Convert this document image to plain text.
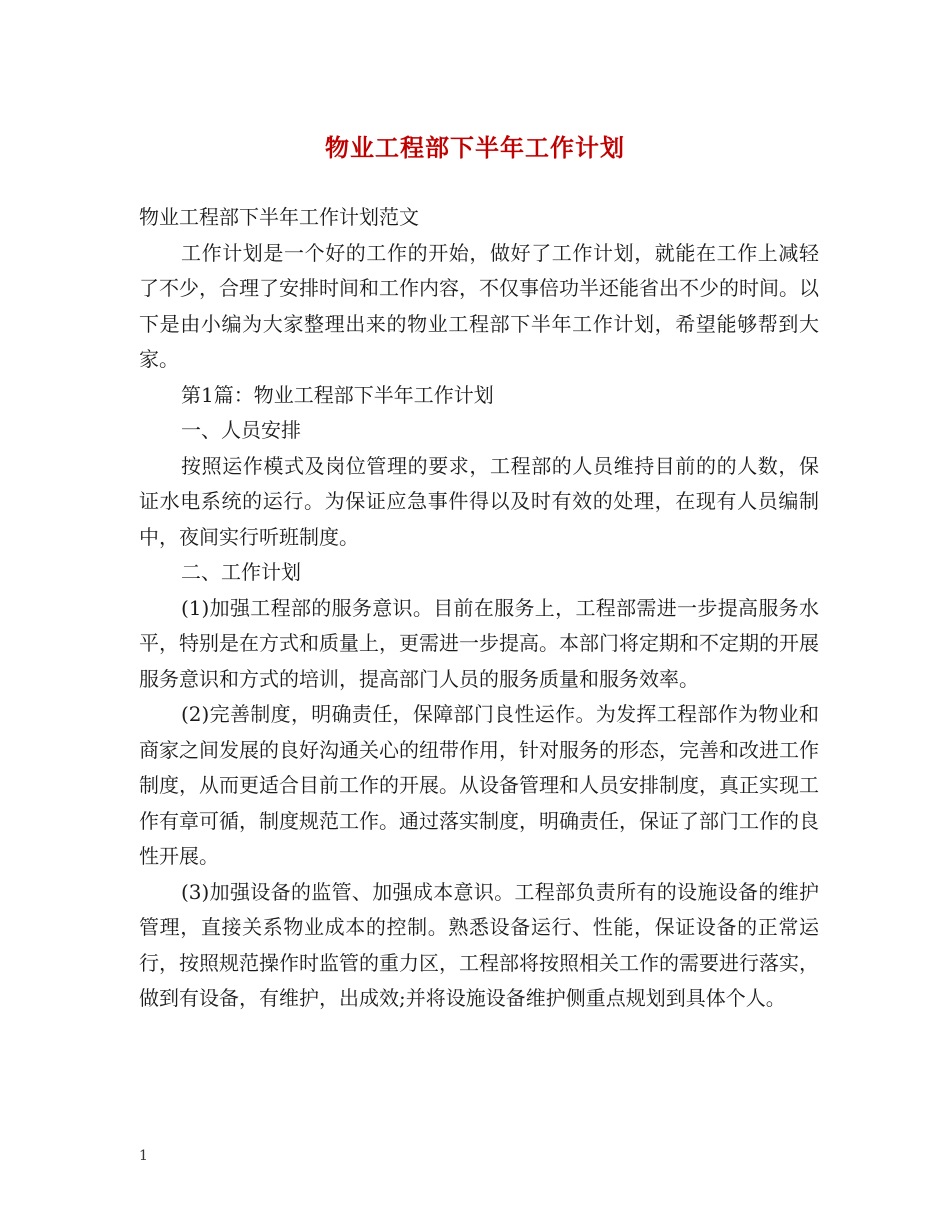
物业工程部下半年工作计划

物业工程部下半年工作计划范文

工作计划是一个好的工作的开始，做好了工作计划，就能在工作上减轻了不少，合理了安排时间和工作内容，不仅事倍功半还能省出不少的时间。以下是由小编为大家整理出来的物业工程部下半年工作计划，希望能够帮到大家。

第1篇：物业工程部下半年工作计划

一、人员安排

按照运作模式及岗位管理的要求，工程部的人员维持目前的的人数，保证水电系统的运行。为保证应急事件得以及时有效的处理，在现有人员编制中，夜间实行听班制度。

二、工作计划

(1)加强工程部的服务意识。目前在服务上，工程部需进一步提高服务水平，特别是在方式和质量上，更需进一步提高。本部门将定期和不定期的开展服务意识和方式的培训，提高部门人员的服务质量和服务效率。

(2)完善制度，明确责任，保障部门良性运作。为发挥工程部作为物业和商家之间发展的良好沟通关心的纽带作用，针对服务的形态，完善和改进工作制度，从而更适合目前工作的开展。从设备管理和人员安排制度，真正实现工作有章可循，制度规范工作。通过落实制度，明确责任，保证了部门工作的良性开展。

(3)加强设备的监管、加强成本意识。工程部负责所有的设施设备的维护管理，直接关系物业成本的控制。熟悉设备运行、性能，保证设备的正常运行，按照规范操作时监管的重力区，工程部将按照相关工作的需要进行落实，做到有设备，有维护，出成效;并将设施设备维护侧重点规划到具体个人。

1
